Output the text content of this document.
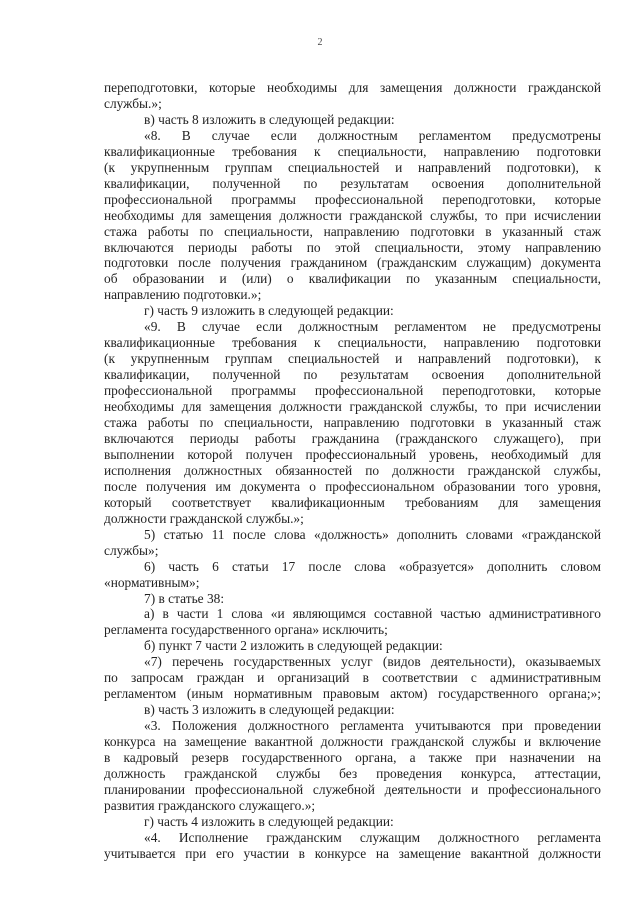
2
переподготовки, которые необходимы для замещения должности гражданской
службы.»;
в) часть 8 изложить в следующей редакции:
«8. В случае если должностным регламентом предусмотрены
квалификационные требования к специальности, направлению подготовки
(к укрупненным группам специальностей и направлений подготовки), к
квалификации, полученной по результатам освоения дополнительной
профессиональной программы профессиональной переподготовки, которые
необходимы для замещения должности гражданской службы, то при исчислении
стажа работы по специальности, направлению подготовки в указанный стаж
включаются периоды работы по этой специальности, этому направлению
подготовки после получения гражданином (гражданским служащим) документа
об образовании и (или) о квалификации по указанным специальности,
направлению подготовки.»;
г) часть 9 изложить в следующей редакции:
«9. В случае если должностным регламентом не предусмотрены
квалификационные требования к специальности, направлению подготовки
(к укрупненным группам специальностей и направлений подготовки), к
квалификации, полученной по результатам освоения дополнительной
профессиональной программы профессиональной переподготовки, которые
необходимы для замещения должности гражданской службы, то при исчислении
стажа работы по специальности, направлению подготовки в указанный стаж
включаются периоды работы гражданина (гражданского служащего), при
выполнении которой получен профессиональный уровень, необходимый для
исполнения должностных обязанностей по должности гражданской службы,
после получения им документа о профессиональном образовании того уровня,
который соответствует квалификационным требованиям для замещения
должности гражданской службы.»;
5) статью 11 после слова «должность» дополнить словами «гражданской
службы»;
6) часть 6 статьи 17 после слова «образуется» дополнить словом
«нормативным»;
7) в статье 38:
а) в части 1 слова «и являющимся составной частью административного
регламента государственного органа» исключить;
б) пункт 7 части 2 изложить в следующей редакции:
«7) перечень государственных услуг (видов деятельности), оказываемых
по запросам граждан и организаций в соответствии с административным
регламентом (иным нормативным правовым актом) государственного органа;»;
в) часть 3 изложить в следующей редакции:
«3. Положения должностного регламента учитываются при проведении
конкурса на замещение вакантной должности гражданской службы и включение
в кадровый резерв государственного органа, а также при назначении на
должность гражданской службы без проведения конкурса, аттестации,
планировании профессиональной служебной деятельности и профессионального
развития гражданского служащего.»;
г) часть 4 изложить в следующей редакции:
«4. Исполнение гражданским служащим должностного регламента
учитывается при его участии в конкурсе на замещение вакантной должности
